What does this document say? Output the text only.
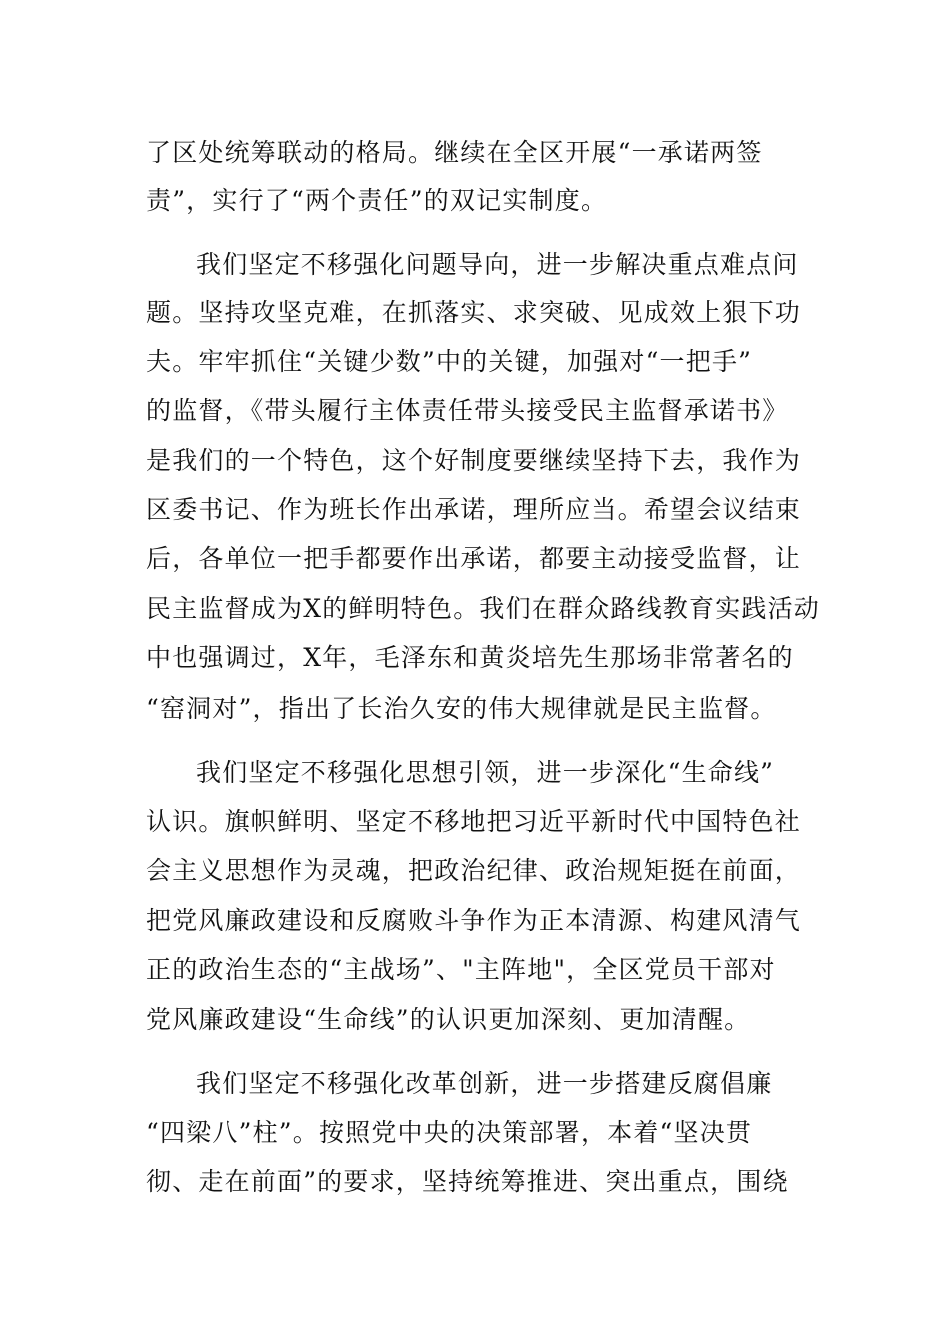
了区处统筹联动的格局。继续在全区开展“一承诺两签
责”，实行了“两个责任”的双记实制度。
我们坚定不移强化问题导向，进一步解决重点难点问
题。坚持攻坚克难，在抓落实、求突破、见成效上狠下功
夫。牢牢抓住“关键少数”中的关键，加强对“一把手”
的监督，《带头履行主体责任带头接受民主监督承诺书》
是我们的一个特色，这个好制度要继续坚持下去，我作为
区委书记、作为班长作出承诺，理所应当。希望会议结束
后，各单位一把手都要作出承诺，都要主动接受监督，让
民主监督成为X的鲜明特色。我们在群众路线教育实践活动
中也强调过，X年，毛泽东和黄炎培先生那场非常著名的
“窑洞对”，指出了长治久安的伟大规律就是民主监督。
我们坚定不移强化思想引领，进一步深化“生命线”
认识。旗帜鲜明、坚定不移地把习近平新时代中国特色社
会主义思想作为灵魂，把政治纪律、政治规矩挺在前面，
把党风廉政建设和反腐败斗争作为正本清源、构建风清气
正的政治生态的“主战场”、"主阵地"，全区党员干部对
党风廉政建设“生命线”的认识更加深刻、更加清醒。
我们坚定不移强化改革创新，进一步搭建反腐倡廉
“四梁八”柱”。按照党中央的决策部署，本着“坚决贯
彻、走在前面”的要求，坚持统筹推进、突出重点，围绕
